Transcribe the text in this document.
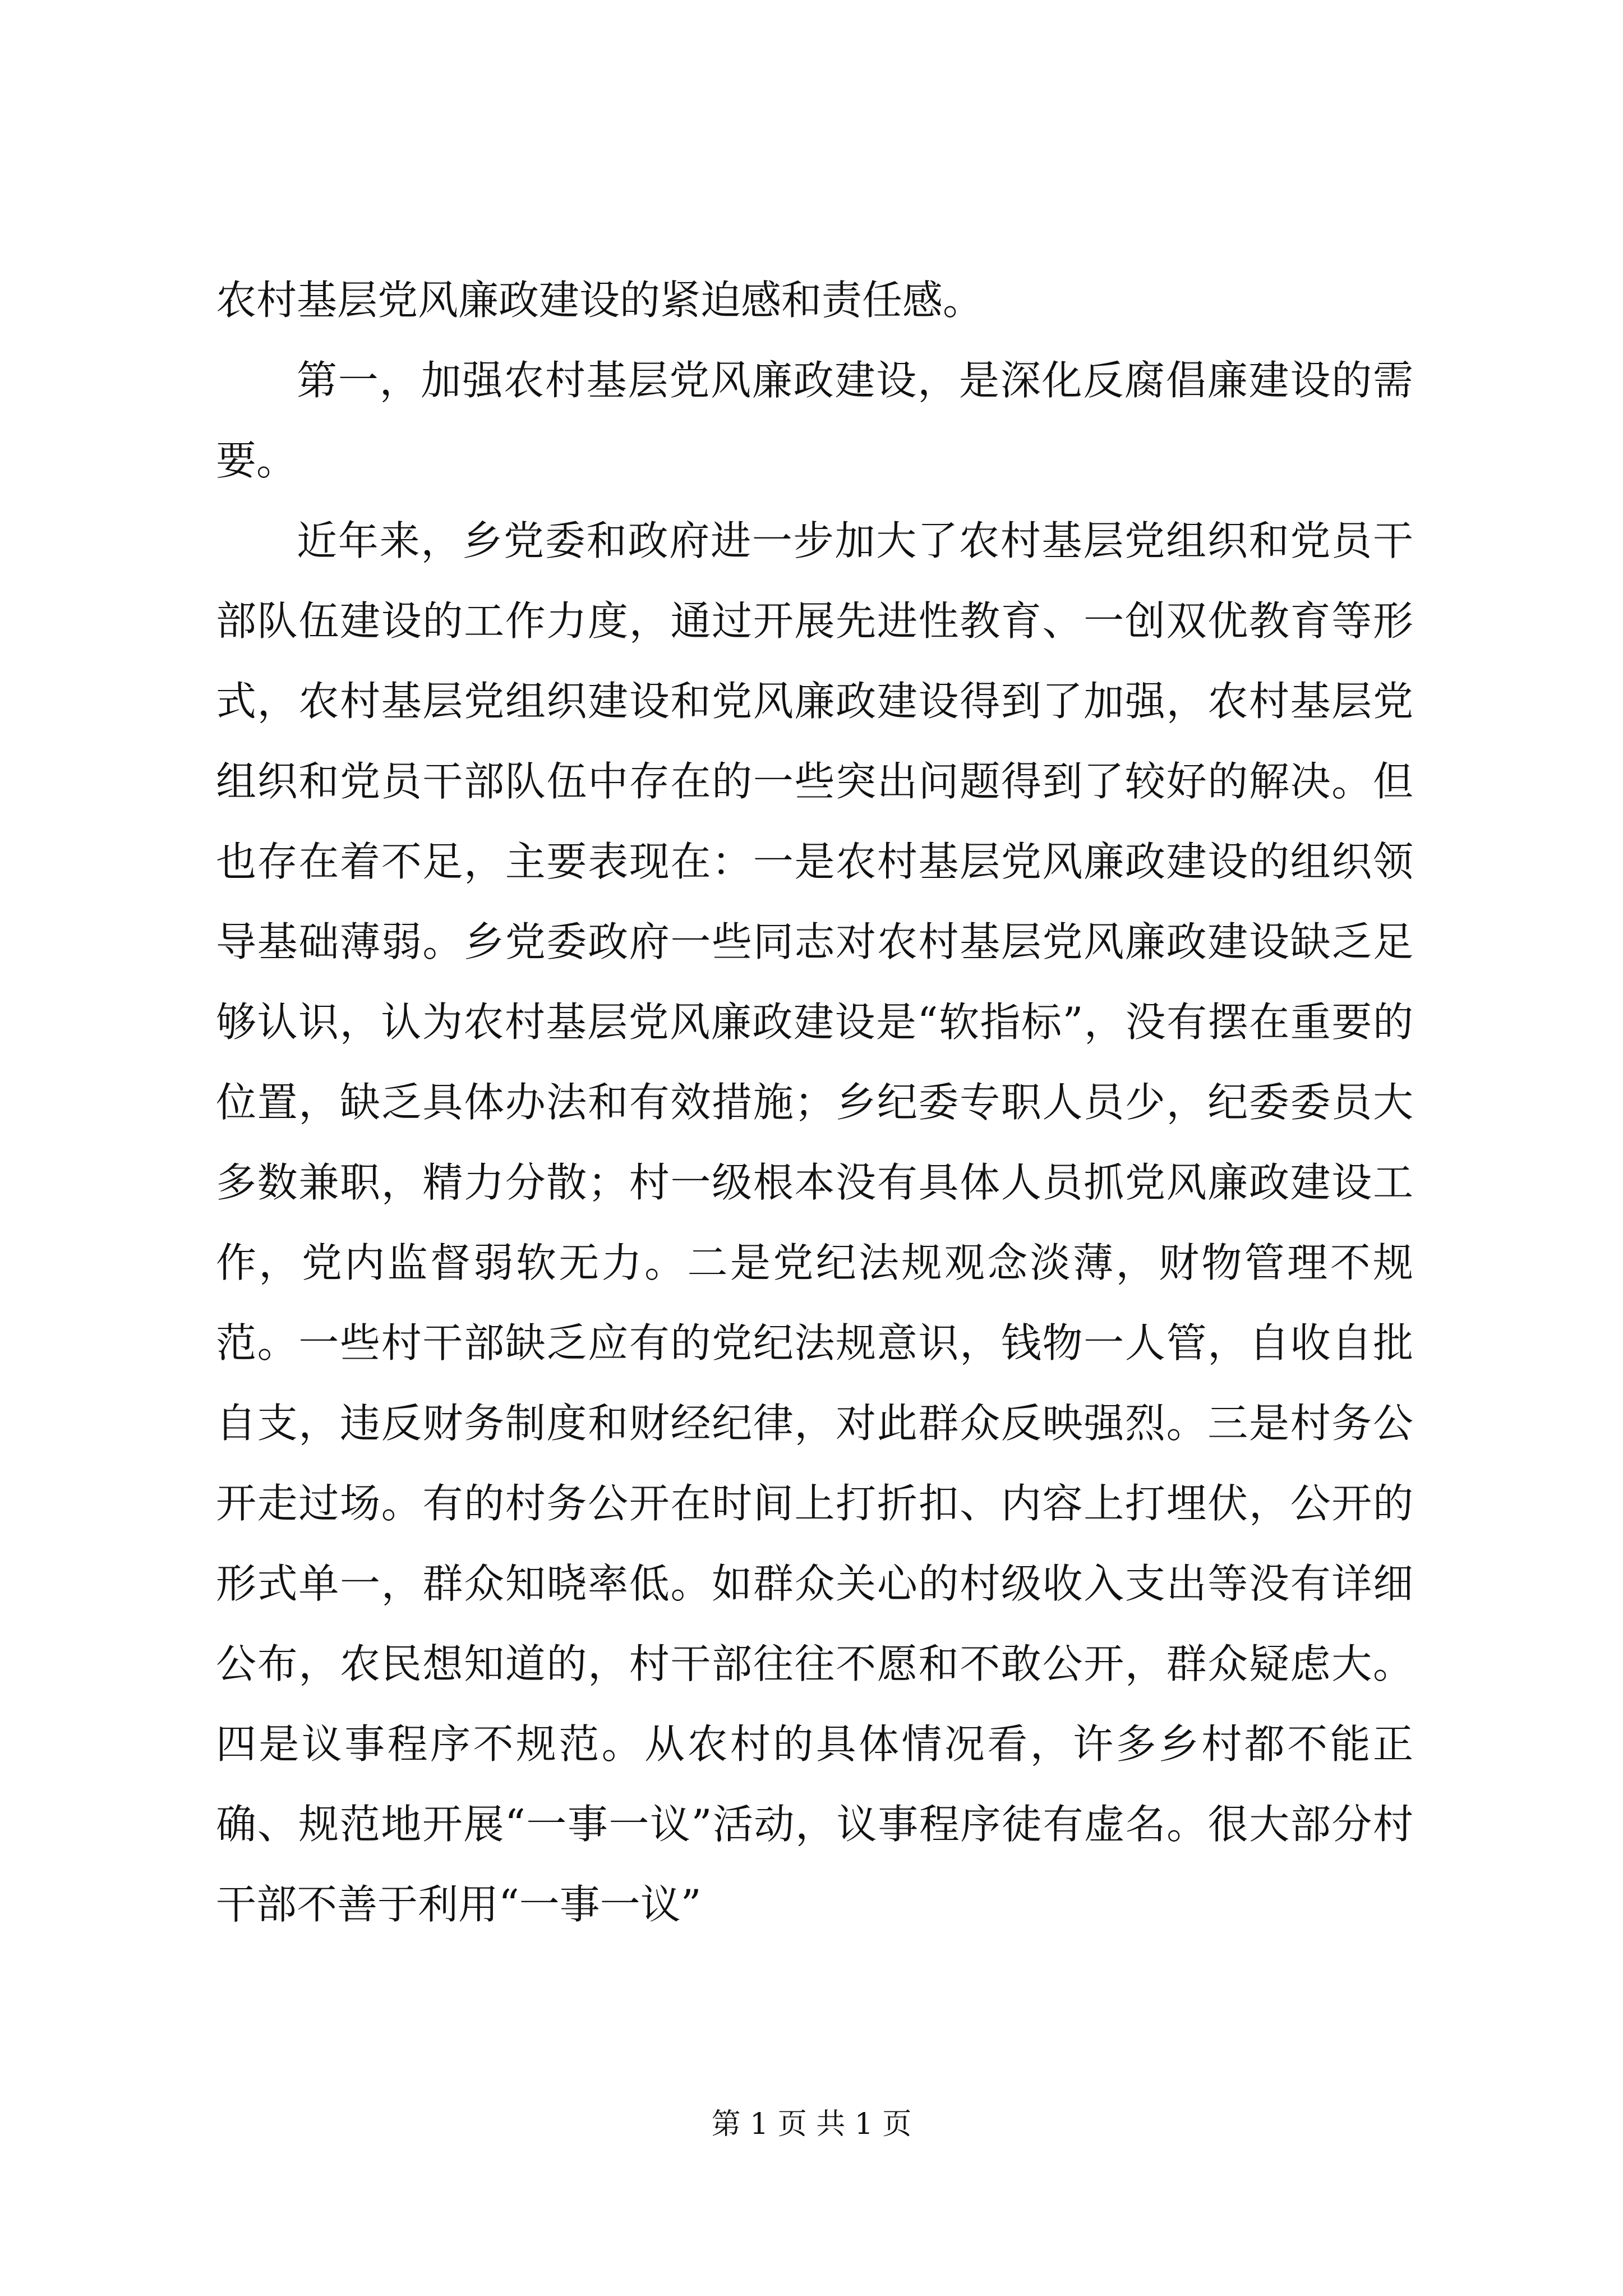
农村基层党风廉政建设的紧迫感和责任感。

第一，加强农村基层党风廉政建设，是深化反腐倡廉建设的需要。

近年来，乡党委和政府进一步加大了农村基层党组织和党员干部队伍建设的工作力度，通过开展先进性教育、一创双优教育等形式，农村基层党组织建设和党风廉政建设得到了加强，农村基层党组织和党员干部队伍中存在的一些突出问题得到了较好的解决。但也存在着不足，主要表现在：一是农村基层党风廉政建设的组织领导基础薄弱。乡党委政府一些同志对农村基层党风廉政建设缺乏足够认识，认为农村基层党风廉政建设是“软指标”，没有摆在重要的位置，缺乏具体办法和有效措施；乡纪委专职人员少，纪委委员大多数兼职，精力分散；村一级根本没有具体人员抓党风廉政建设工作，党内监督弱软无力。二是党纪法规观念淡薄，财物管理不规范。一些村干部缺乏应有的党纪法规意识，钱物一人管，自收自批自支，违反财务制度和财经纪律，对此群众反映强烈。三是村务公开走过场。有的村务公开在时间上打折扣、内容上打埋伏，公开的形式单一，群众知晓率低。如群众关心的村级收入支出等没有详细公布，农民想知道的，村干部往往不愿和不敢公开，群众疑虑大。四是议事程序不规范。从农村的具体情况看，许多乡村都不能正确、规范地开展“一事一议”活动，议事程序徒有虚名。很大部分村干部不善于利用“一事一议”

第 1 页 共 1 页
